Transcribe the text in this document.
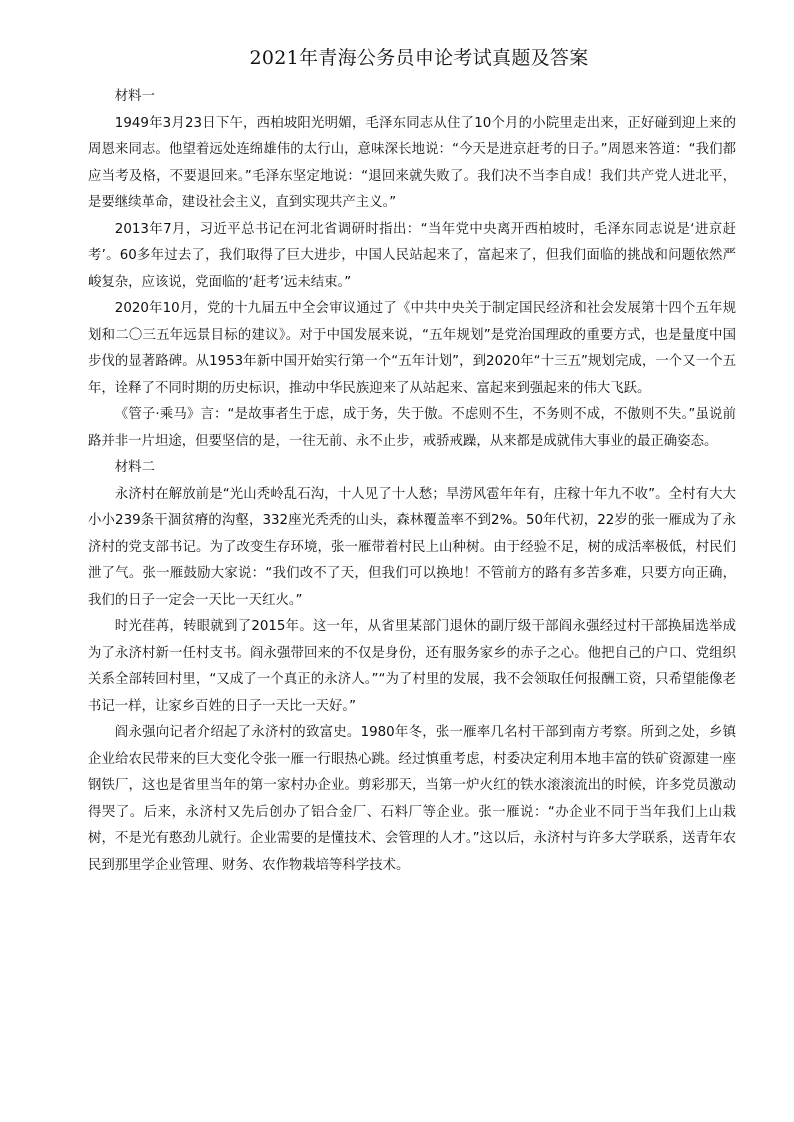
2021年青海公务员申论考试真题及答案

材料一

1949年3月23日下午，西柏坡阳光明媚，毛泽东同志从住了10个月的小院里走出来，正好碰到迎上来的周恩来同志。他望着远处连绵雄伟的太行山，意味深长地说：“今天是进京赶考的日子。”周恩来答道：“我们都应当考及格，不要退回来。”毛泽东坚定地说：“退回来就失败了。我们决不当李自成！我们共产党人进北平，是要继续革命，建设社会主义，直到实现共产主义。”

2013年7月，习近平总书记在河北省调研时指出：“当年党中央离开西柏坡时，毛泽东同志说是‘进京赶考’。60多年过去了，我们取得了巨大进步，中国人民站起来了，富起来了，但我们面临的挑战和问题依然严峻复杂，应该说，党面临的‘赶考’远未结束。”

2020年10月，党的十九届五中全会审议通过了《中共中央关于制定国民经济和社会发展第十四个五年规划和二〇三五年远景目标的建议》。对于中国发展来说，“五年规划”是党治国理政的重要方式，也是量度中国步伐的显著路碑。从1953年新中国开始实行第一个“五年计划”，到2020年“十三五”规划完成，一个又一个五年，诠释了不同时期的历史标识，推动中华民族迎来了从站起来、富起来到强起来的伟大飞跃。

《管子·乘马》言：“是故事者生于虑，成于务，失于傲。不虑则不生，不务则不成，不傲则不失。”虽说前路并非一片坦途，但要坚信的是，一往无前、永不止步，戒骄戒躁，从来都是成就伟大事业的最正确姿态。

材料二

永济村在解放前是“光山秃岭乱石沟，十人见了十人愁；旱涝风雹年年有，庄稼十年九不收”。全村有大大小小239条干涸贫瘠的沟壑，332座光秃秃的山头，森林覆盖率不到2%。50年代初，22岁的张一雁成为了永济村的党支部书记。为了改变生存环境，张一雁带着村民上山种树。由于经验不足，树的成活率极低，村民们泄了气。张一雁鼓励大家说：“我们改不了天，但我们可以换地！不管前方的路有多苦多难，只要方向正确，我们的日子一定会一天比一天红火。”

时光荏苒，转眼就到了2015年。这一年，从省里某部门退休的副厅级干部阎永强经过村干部换届选举成为了永济村新一任村支书。阎永强带回来的不仅是身份，还有服务家乡的赤子之心。他把自己的户口、党组织关系全部转回村里，“又成了一个真正的永济人。”“为了村里的发展，我不会领取任何报酬工资，只希望能像老书记一样，让家乡百姓的日子一天比一天好。”

阎永强向记者介绍起了永济村的致富史。1980年冬，张一雁率几名村干部到南方考察。所到之处，乡镇企业给农民带来的巨大变化令张一雁一行眼热心跳。经过慎重考虑，村委决定利用本地丰富的铁矿资源建一座钢铁厂，这也是省里当年的第一家村办企业。剪彩那天，当第一炉火红的铁水滚滚流出的时候，许多党员激动得哭了。后来，永济村又先后创办了铝合金厂、石料厂等企业。张一雁说：“办企业不同于当年我们上山栽树，不是光有憨劲儿就行。企业需要的是懂技术、会管理的人才。”这以后，永济村与许多大学联系，送青年农民到那里学企业管理、财务、农作物栽培等科学技术。
